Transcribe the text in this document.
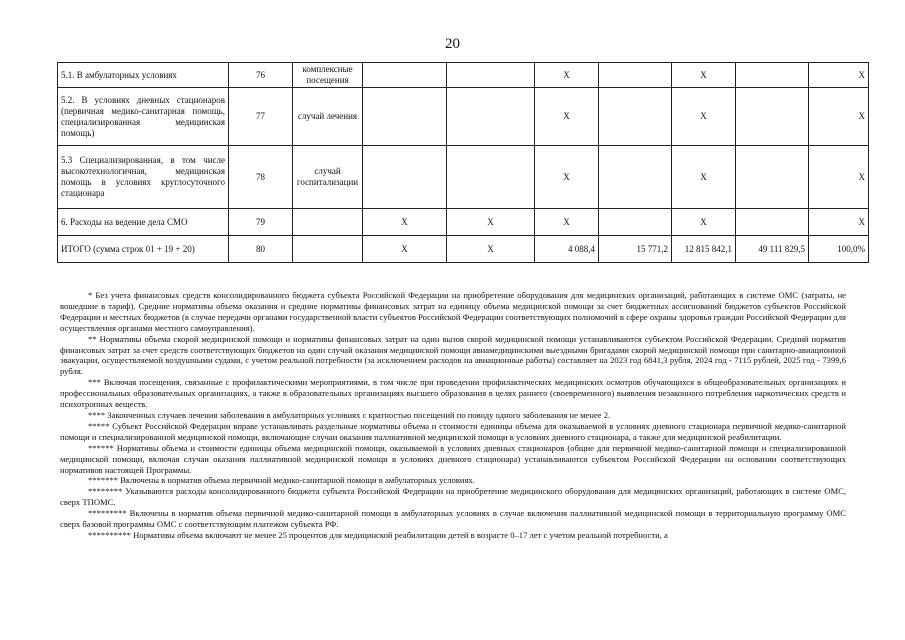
20
5.1. В амбулаторных условиях	76	комплексные посещения			X		X		X
5.2. В условиях дневных стационаров (первичная медико-санитарная помощь, специализированная медицинская помощь)	77	случай лечения			X		X		X
5.3 Специализированная, в том числе высокотехнологичная, медицинская помощь в условиях круглосуточного стационара	78	случай госпитализации			X		X		X
6. Расходы на ведение дела СМО	79		X	X	X		X		X
ИТОГО (сумма строк 01 + 19 + 20)	80		X	X	4 088,4	15 771,2	12 815 842,1	49 111 829,5	100,0%

* Без учета финансовых средств консолидированного бюджета субъекта Российской Федерации на приобретение оборудования для медицинских организаций, работающих в системе ОМС (затраты, не вошедшие в тариф). Средние нормативы объема оказания и средние нормативы финансовых затрат на единицу объема медицинской помощи за счет бюджетных ассигнований бюджетов субъектов Российской Федерации и местных бюджетов (в случае передачи органами государственной власти субъектов Российской Федерации соответствующих полномочий в сфере охраны здоровья граждан Российской Федерации для осуществления органами местного самоуправления).

** Нормативы объема скорой медицинской помощи и нормативы финансовых затрат на один вызов скорой медицинской помощи устанавливаются субъектом Российской Федерации. Средний норматив финансовых затрат за счет средств соответствующих бюджетов на один случай оказания медицинской помощи авиамедицинскими выездными бригадами скорой медицинской помощи при санитарно-авиационной эвакуации, осуществляемой воздушными судами, с учетом реальной потребности (за исключением расходов на авиационные работы) составляет на 2023 год 6841,3 рубля, 2024 год - 7115 рублей, 2025 год - 7399,6 рубля.

*** Включая посещения, связанные с профилактическими мероприятиями, в том числе при проведении профилактических медицинских осмотров обучающихся в общеобразовательных организациях и профессиональных образовательных организациях, а также в образовательных организациях высшего образования в целях раннего (своевременного) выявления незаконного потребления наркотических средств и психотропных веществ.

**** Законченных случаев лечения заболевания в амбулаторных условиях с кратностью посещений по поводу одного заболевания не менее 2.

***** Субъект Российской Федерации вправе устанавливать раздельные нормативы объема и стоимости единицы объема для оказываемой в условиях дневного стационара первичной медико-санитарной помощи и специализированной медицинской помощи, включающие случаи оказания паллиативной медицинской помощи в условиях дневного стационара, а также для медицинской реабилитации.

****** Нормативы объема и стоимости единицы объема медицинской помощи, оказываемой в условиях дневных стационаров (общие для первичной медико-санитарной помощи и специализированной медицинской помощи, включая случаи оказания паллиативной медицинской помощи в условиях дневного стационара) устанавливаются субъектом Российской Федерации на основании соответствующих нормативов настоящей Программы.

******* Включены в норматив объема первичной медико-санитарной помощи в амбулаторных условиях.

******** Указываются расходы консолидированного бюджета субъекта Российской Федерации на приобретение медицинского оборудования для медицинских организаций, работающих в системе ОМС, сверх ТПОМС.

********* Включены в норматив объема первичной медико-санитарной помощи в амбулаторных условиях в случае включения паллиативной медицинской помощи в территориальную программу ОМС сверх базовой программы ОМС с соответствующим платежом субъекта РФ.

********** Нормативы объема включают не менее 25 процентов для медицинской реабилитации детей в возрасте 0–17 лет с учетом реальной потребности, а
